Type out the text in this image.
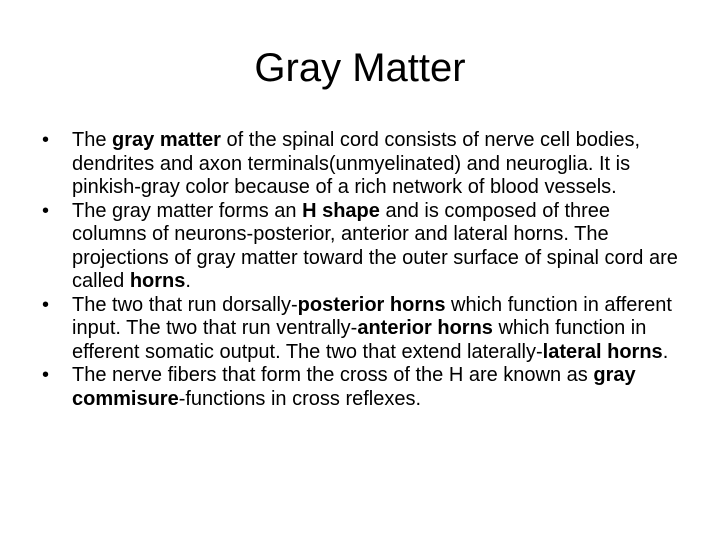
Gray Matter
• The gray matter of the spinal cord consists of nerve cell bodies, dendrites and axon terminals(unmyelinated) and neuroglia. It is pinkish-gray color because of a rich network of blood vessels.
• The gray matter forms an H shape and is composed of three columns of neurons-posterior, anterior and lateral horns. The projections of gray matter toward the outer surface of spinal cord are called horns.
• The two that run dorsally-posterior horns which function in afferent input. The two that run ventrally-anterior horns which function in efferent somatic output. The two that extend laterally-lateral horns.
• The nerve fibers that form the cross of the H are known as gray commisure-functions in cross reflexes.
